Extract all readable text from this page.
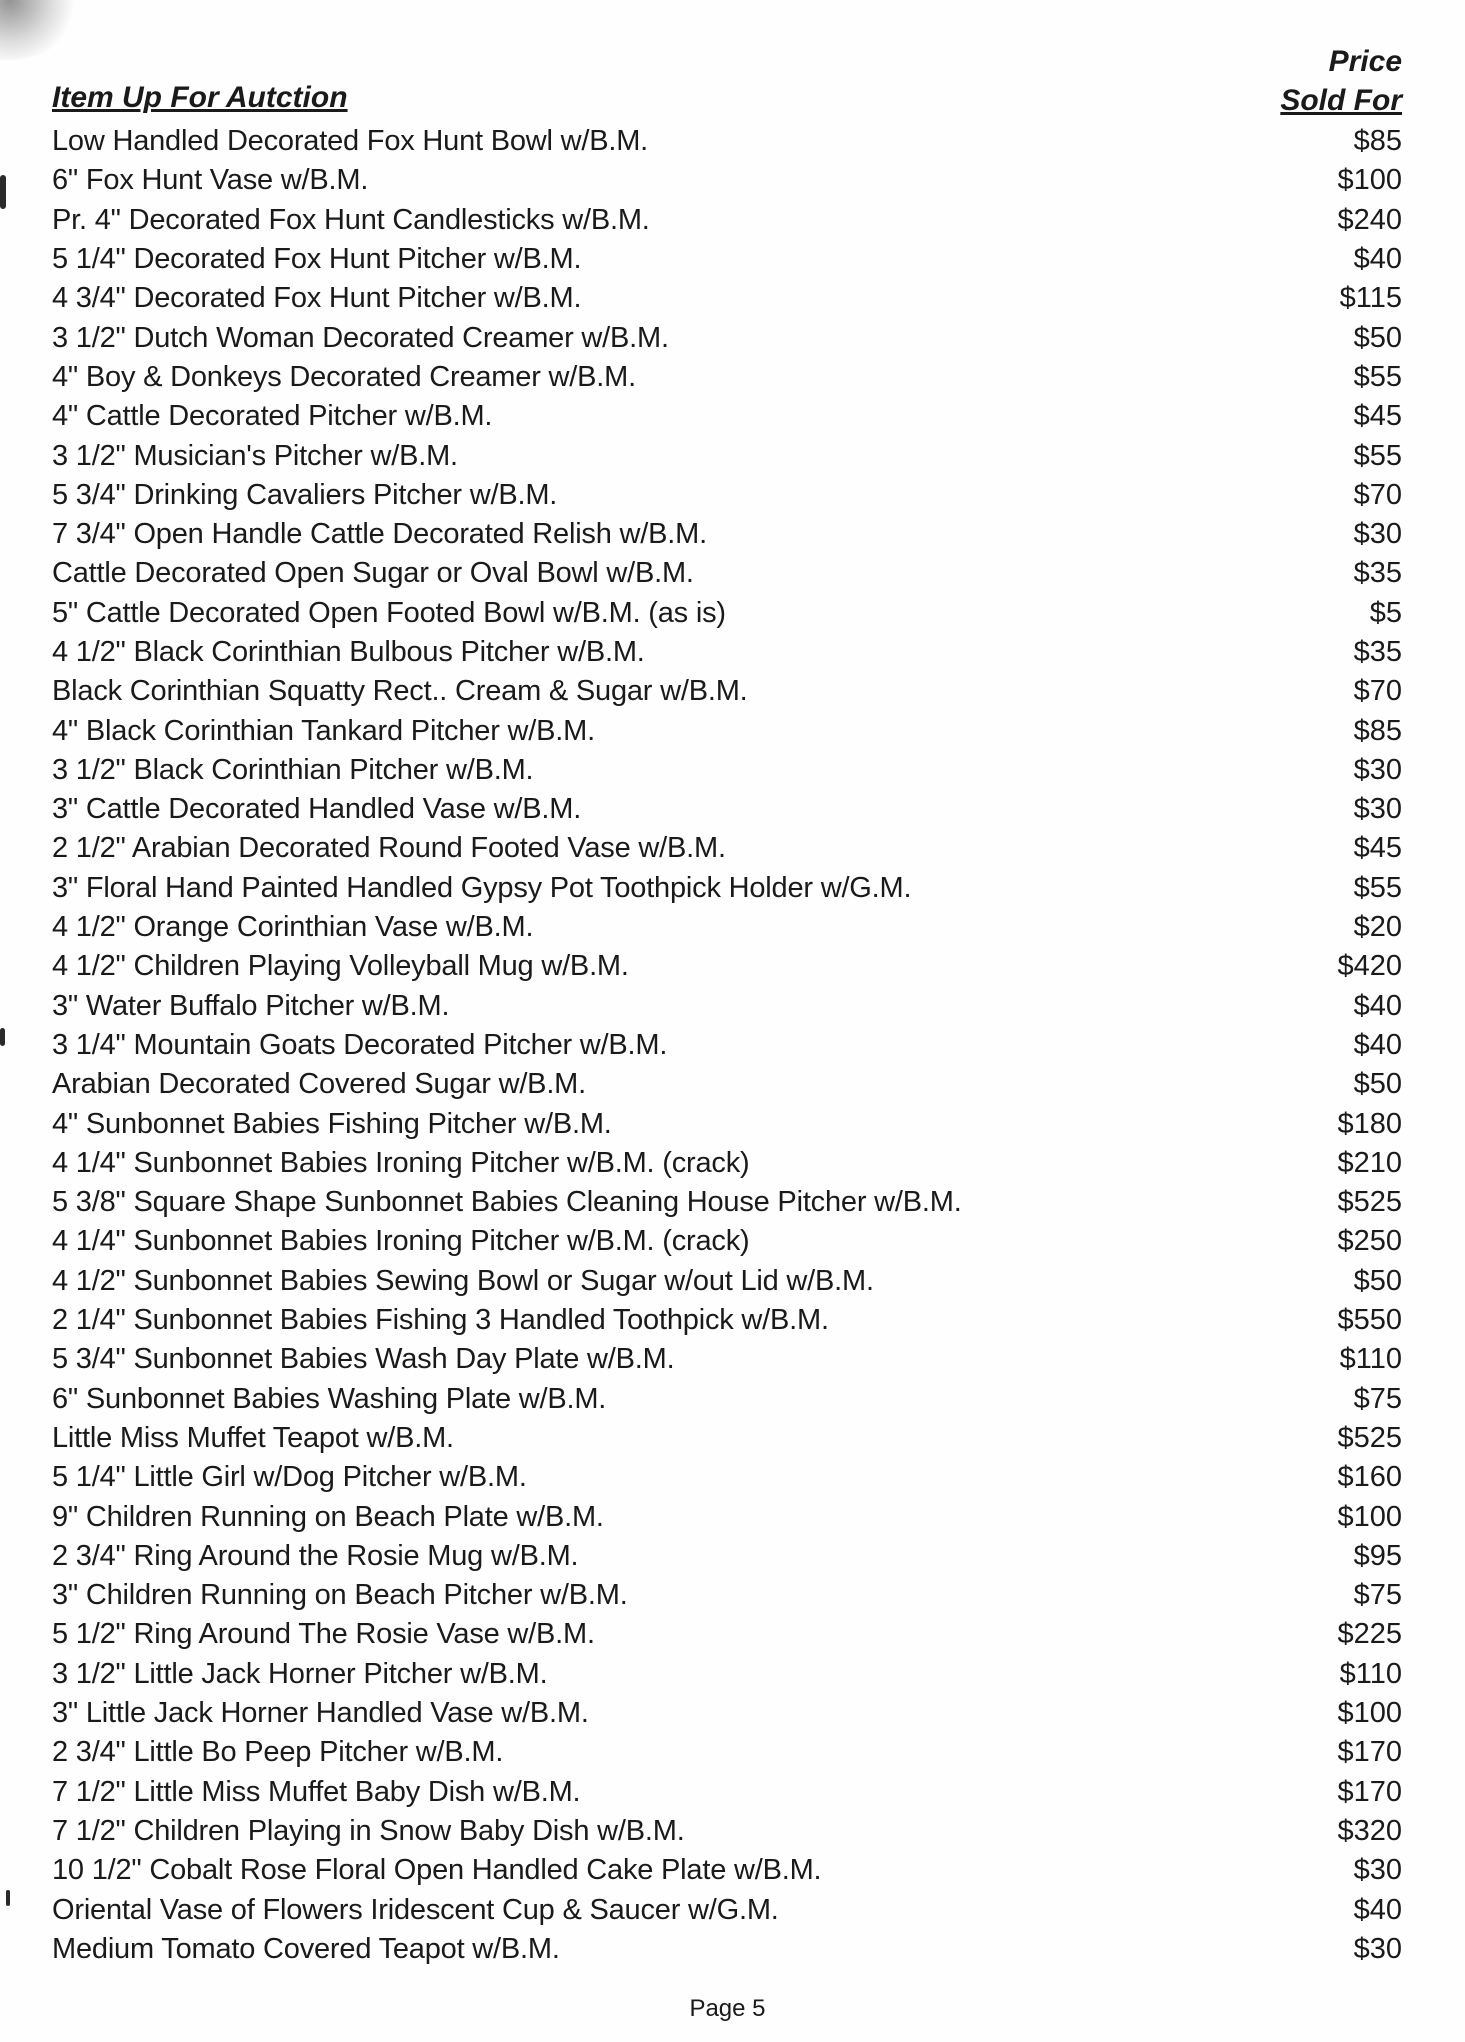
Item Up For Autction
Price
Sold For
Low Handled Decorated Fox Hunt Bowl w/B.M.	$85
6" Fox Hunt Vase w/B.M.	$100
Pr. 4" Decorated Fox Hunt Candlesticks w/B.M.	$240
5 1/4" Decorated Fox Hunt Pitcher w/B.M.	$40
4 3/4" Decorated Fox Hunt Pitcher w/B.M.	$115
3 1/2" Dutch Woman Decorated Creamer w/B.M.	$50
4" Boy & Donkeys Decorated Creamer w/B.M.	$55
4" Cattle Decorated Pitcher w/B.M.	$45
3 1/2" Musician's Pitcher w/B.M.	$55
5 3/4" Drinking Cavaliers Pitcher w/B.M.	$70
7 3/4" Open Handle Cattle Decorated Relish w/B.M.	$30
Cattle Decorated Open Sugar or Oval Bowl w/B.M.	$35
5" Cattle Decorated Open Footed Bowl w/B.M. (as is)	$5
4 1/2" Black Corinthian Bulbous Pitcher w/B.M.	$35
Black Corinthian Squatty Rect.. Cream & Sugar w/B.M.	$70
4" Black Corinthian Tankard Pitcher w/B.M.	$85
3 1/2" Black Corinthian Pitcher w/B.M.	$30
3" Cattle Decorated Handled Vase w/B.M.	$30
2 1/2" Arabian Decorated Round Footed Vase w/B.M.	$45
3" Floral Hand Painted Handled Gypsy Pot Toothpick Holder w/G.M.	$55
4 1/2" Orange Corinthian Vase w/B.M.	$20
4 1/2" Children Playing Volleyball Mug w/B.M.	$420
3" Water Buffalo Pitcher w/B.M.	$40
3 1/4" Mountain Goats Decorated Pitcher w/B.M.	$40
Arabian Decorated Covered Sugar w/B.M.	$50
4" Sunbonnet Babies Fishing Pitcher w/B.M.	$180
4 1/4" Sunbonnet Babies Ironing Pitcher w/B.M. (crack)	$210
5 3/8" Square Shape Sunbonnet Babies Cleaning House Pitcher w/B.M.	$525
4 1/4" Sunbonnet Babies Ironing Pitcher w/B.M. (crack)	$250
4 1/2" Sunbonnet Babies Sewing Bowl or Sugar w/out Lid w/B.M.	$50
2 1/4" Sunbonnet Babies Fishing 3 Handled Toothpick w/B.M.	$550
5 3/4" Sunbonnet Babies Wash Day Plate w/B.M.	$110
6" Sunbonnet Babies Washing Plate w/B.M.	$75
Little Miss Muffet Teapot w/B.M.	$525
5 1/4" Little Girl w/Dog Pitcher w/B.M.	$160
9" Children Running on Beach Plate w/B.M.	$100
2 3/4" Ring Around the Rosie Mug w/B.M.	$95
3" Children Running on Beach Pitcher w/B.M.	$75
5 1/2" Ring Around The Rosie Vase w/B.M.	$225
3 1/2" Little Jack Horner Pitcher w/B.M.	$110
3" Little Jack Horner Handled Vase w/B.M.	$100
2 3/4" Little Bo Peep Pitcher w/B.M.	$170
7 1/2" Little Miss Muffet Baby Dish w/B.M.	$170
7 1/2" Children Playing in Snow Baby Dish w/B.M.	$320
10 1/2" Cobalt Rose Floral Open Handled Cake Plate w/B.M.	$30
Oriental Vase of Flowers Iridescent Cup & Saucer w/G.M.	$40
Medium Tomato Covered Teapot w/B.M.	$30
Page 5
